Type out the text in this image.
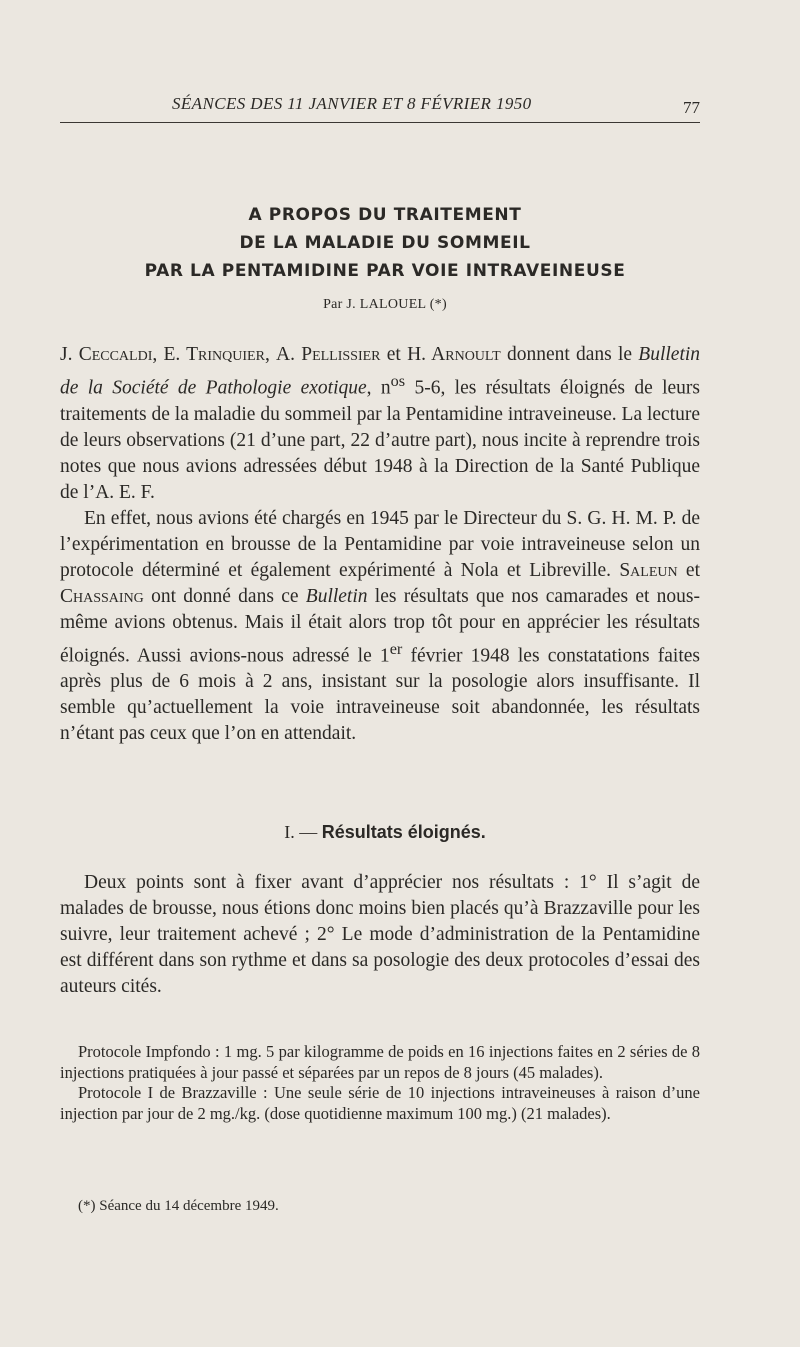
SÉANCES DES 11 JANVIER ET 8 FÉVRIER 1950	77
A PROPOS DU TRAITEMENT
DE LA MALADIE DU SOMMEIL
PAR LA PENTAMIDINE PAR VOIE INTRAVEINEUSE
Par J. LALOUEL (*)

J. Ceccaldi, E. Trinquier, A. Pellissier et H. Arnoult donnent dans le Bulletin de la Société de Pathologie exotique, $n^{os}$ 5-6, les résultats éloignés de leurs traitements de la maladie du sommeil par la Pentamidine intraveineuse. La lecture de leurs observations (21 d’une part, 22 d’autre part), nous incite à reprendre trois notes que nous avions adressées début 1948 à la Direction de la Santé Publique de l’A. E. F.

En effet, nous avions été chargés en 1945 par le Directeur du S. G. H. M. P. de l’expérimentation en brousse de la Pentamidine par voie intraveineuse selon un protocole déterminé et également expérimenté à Nola et Libreville. Saleun et Chassaing ont donné dans ce Bulletin les résultats que nos camarades et nous-même avions obtenus. Mais il était alors trop tôt pour en apprécier les résultats éloignés. Aussi avions-nous adressé le 1er février 1948 les constatations faites après plus de 6 mois à 2 ans, insistant sur la posologie alors insuffisante. Il semble qu’actuellement la voie intraveineuse soit abandonnée, les résultats n’étant pas ceux que l’on en attendait.

I. — Résultats éloignés.

Deux points sont à fixer avant d’apprécier nos résultats : 1° Il s’agit de malades de brousse, nous étions donc moins bien placés qu’à Brazzaville pour les suivre, leur traitement achevé ; 2° Le mode d’administration de la Pentamidine est différent dans son rythme et dans sa posologie des deux protocoles d’essai des auteurs cités.

Protocole Impfondo : 1 mg. 5 par kilogramme de poids en 16 injections faites en 2 séries de 8 injections pratiquées à jour passé et séparées par un repos de 8 jours (45 malades).

Protocole I de Brazzaville : Une seule série de 10 injections intraveineuses à raison d’une injection par jour de 2 mg./kg. (dose quotidienne maximum 100 mg.) (21 malades).

(*) Séance du 14 décembre 1949.
